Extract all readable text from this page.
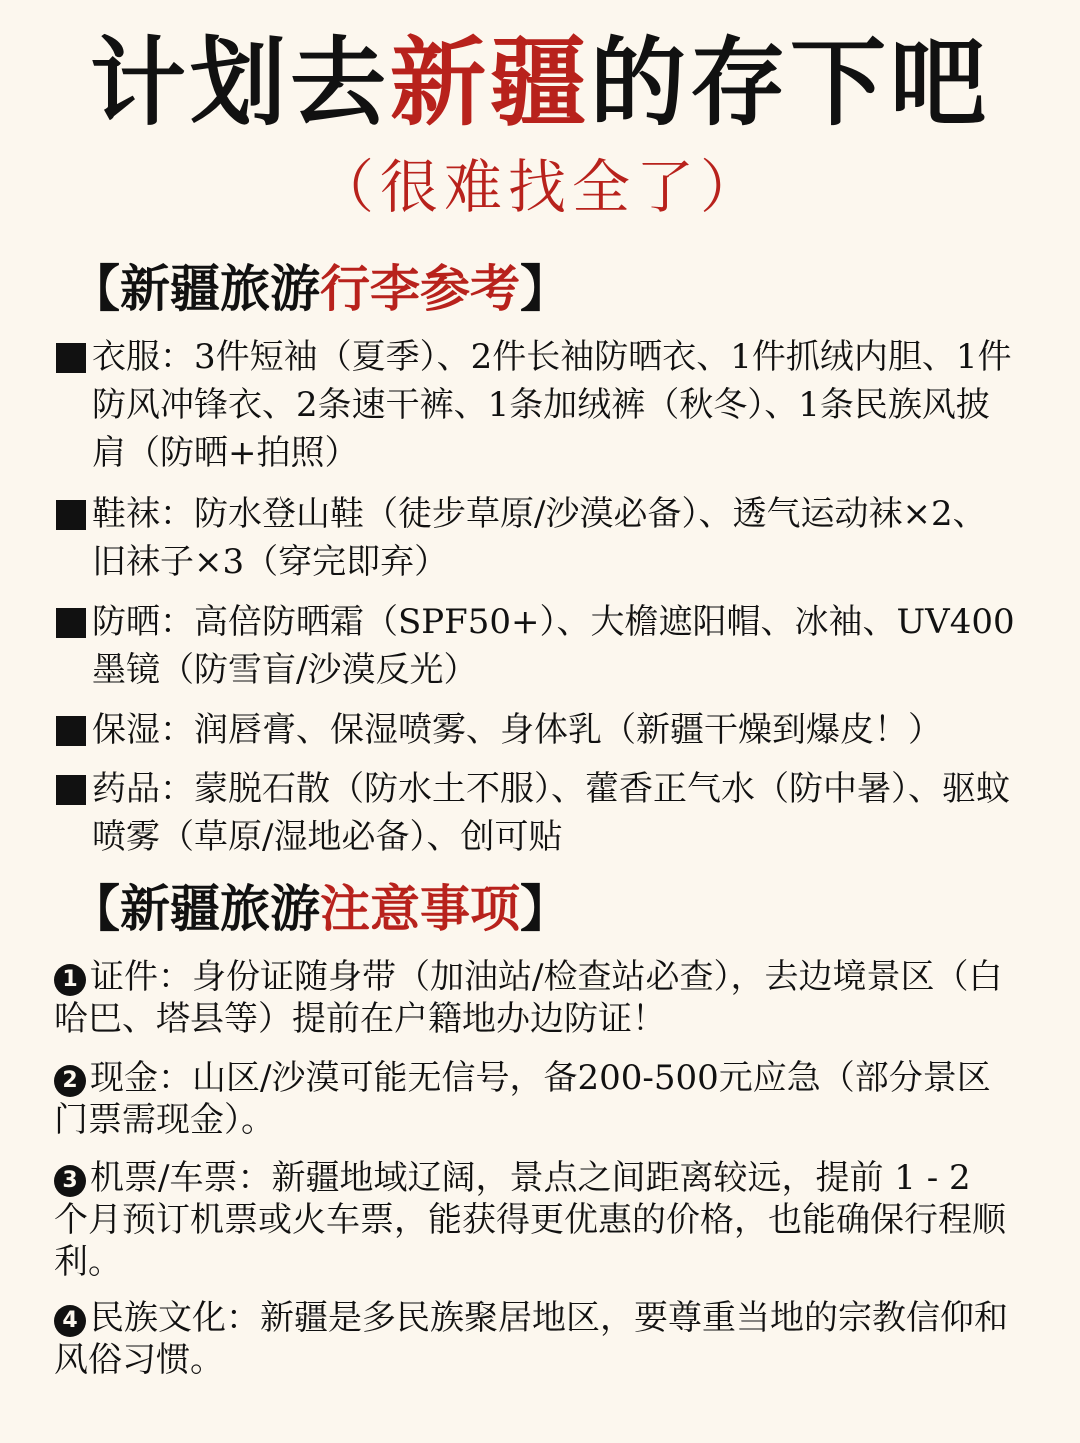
计划去新疆的存下吧
（很难找全了）
【新疆旅游行李参考】
衣服：3件短袖（夏季）、2件长袖防晒衣、1件抓绒内胆、1件防风冲锋衣、2条速干裤、1条加绒裤（秋冬）、1条民族风披肩（防晒+拍照）
鞋袜：防水登山鞋（徒步草原/沙漠必备）、透气运动袜×2、旧袜子×3（穿完即弃）
防晒：高倍防晒霜（SPF50+）、大檐遮阳帽、冰袖、UV400墨镜（防雪盲/沙漠反光）
保湿：润唇膏、保湿喷雾、身体乳（新疆干燥到爆皮！）
药品：蒙脱石散（防水土不服）、藿香正气水（防中暑）、驱蚊喷雾（草原/湿地必备）、创可贴
【新疆旅游注意事项】
1 证件：身份证随身带（加油站/检查站必查），去边境景区（白哈巴、塔县等）提前在户籍地办边防证！
2 现金：山区/沙漠可能无信号，备200-500元应急（部分景区门票需现金）。
3 机票/车票：新疆地域辽阔，景点之间距离较远，提前 1 - 2 个月预订机票或火车票，能获得更优惠的价格，也能确保行程顺利。
4 民族文化：新疆是多民族聚居地区，要尊重当地的宗教信仰和风俗习惯。
